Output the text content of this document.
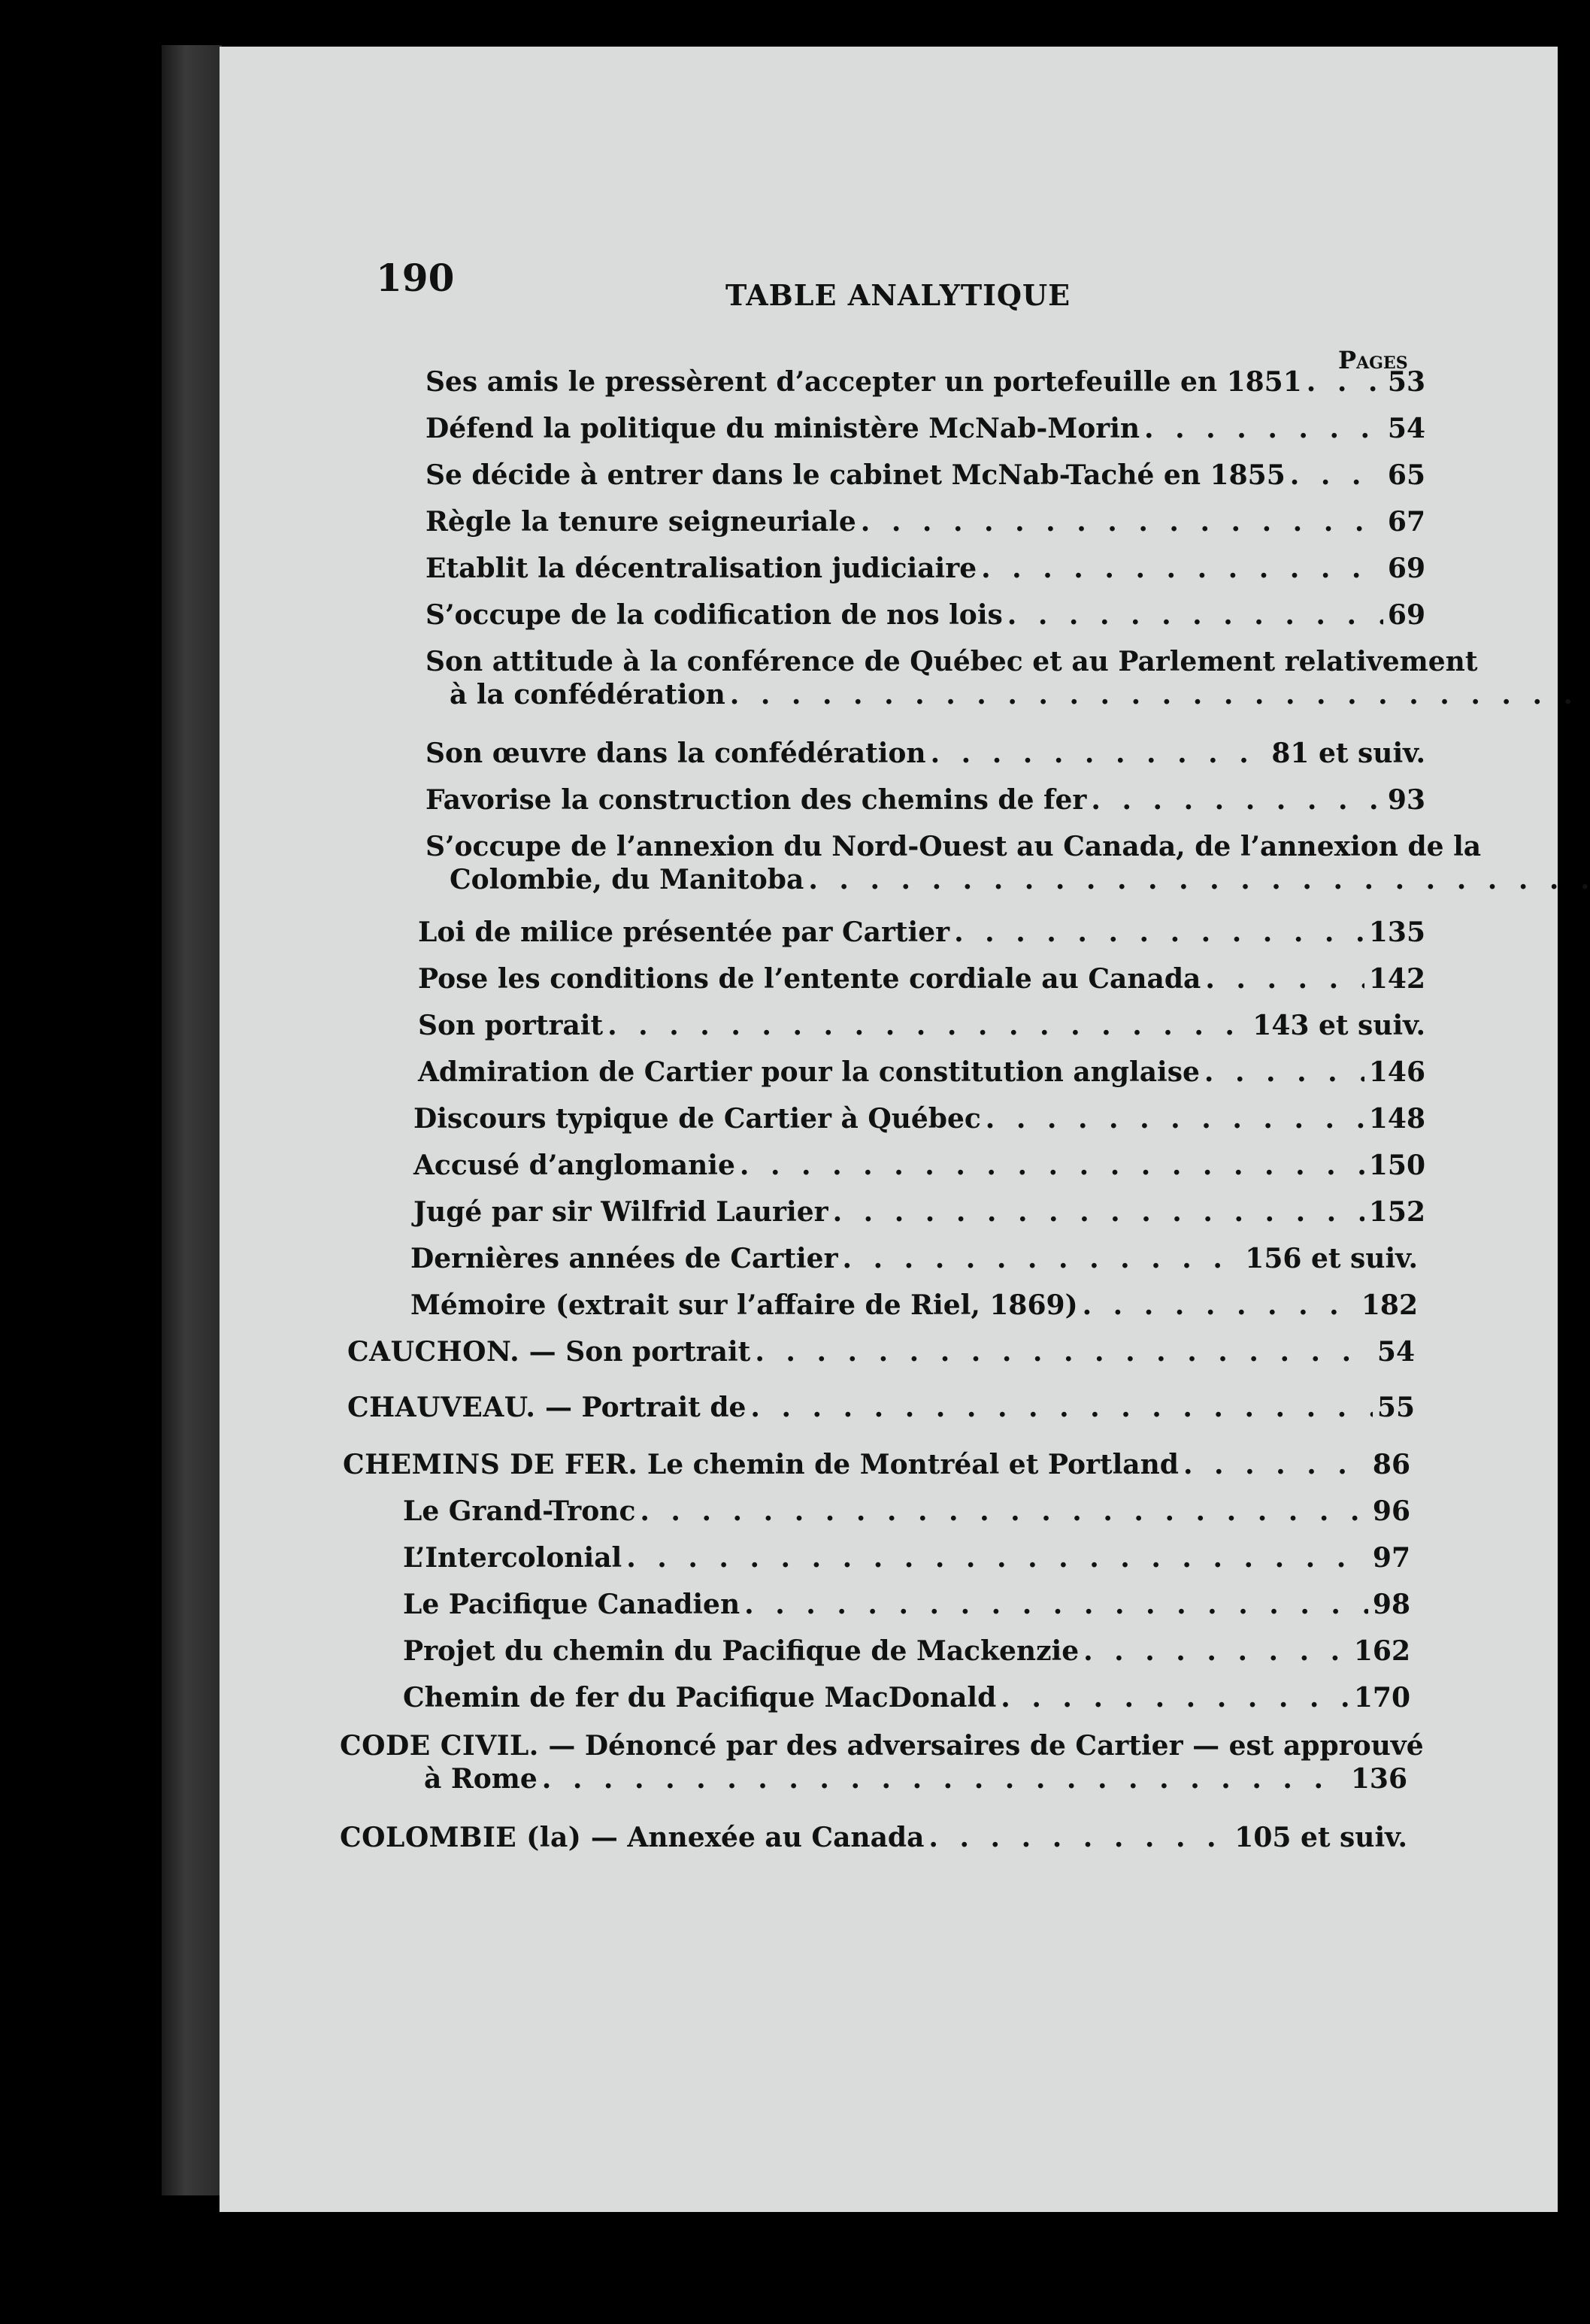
190	TABLE ANALYTIQUE
Pages
Ses amis le pressèrent d’accepter un portefeuille en 1851 . . .	53
Défend la politique du ministère McNab-Morin . . .	54
Se décide à entrer dans le cabinet McNab-Taché en 1855 . . .	65
Règle la tenure seigneuriale . . .	67
Etablit la décentralisation judiciaire . . .	69
S’occupe de la codification de nos lois . . .	69
Son attitude à la conférence de Québec et au Parlement relativement
à la confédération . . .
Son œuvre dans la confédération . . .	81 et suiv.
Favorise la construction des chemins de fer . . .	93
S’occupe de l’annexion du Nord-Ouest au Canada, de l’annexion de la
Colombie, du Manitoba . . .
Loi de milice présentée par Cartier . . .	135
Pose les conditions de l’entente cordiale au Canada . . .	142
Son portrait . . .	143 et suiv.
Admiration de Cartier pour la constitution anglaise . . .	146
Discours typique de Cartier à Québec . . .	148
Accusé d’anglomanie . . .	150
Jugé par sir Wilfrid Laurier . . .	152
Dernières années de Cartier . . .	156 et suiv.
Mémoire (extrait sur l’affaire de Riel, 1869) . . .	182
CAUCHON. — Son portrait . . .	54
CHAUVEAU. — Portrait de . . .	55
CHEMINS DE FER. Le chemin de Montréal et Portland . . .	86
Le Grand-Tronc . . .	96
L’Intercolonial . . .	97
Le Pacifique Canadien . . .	98
Projet du chemin du Pacifique de Mackenzie . . .	162
Chemin de fer du Pacifique MacDonald . . .	170
CODE CIVIL. — Dénoncé par des adversaires de Cartier — est approuvé
à Rome . . .	136
COLOMBIE (la) — Annexée au Canada . . .	105 et suiv.
